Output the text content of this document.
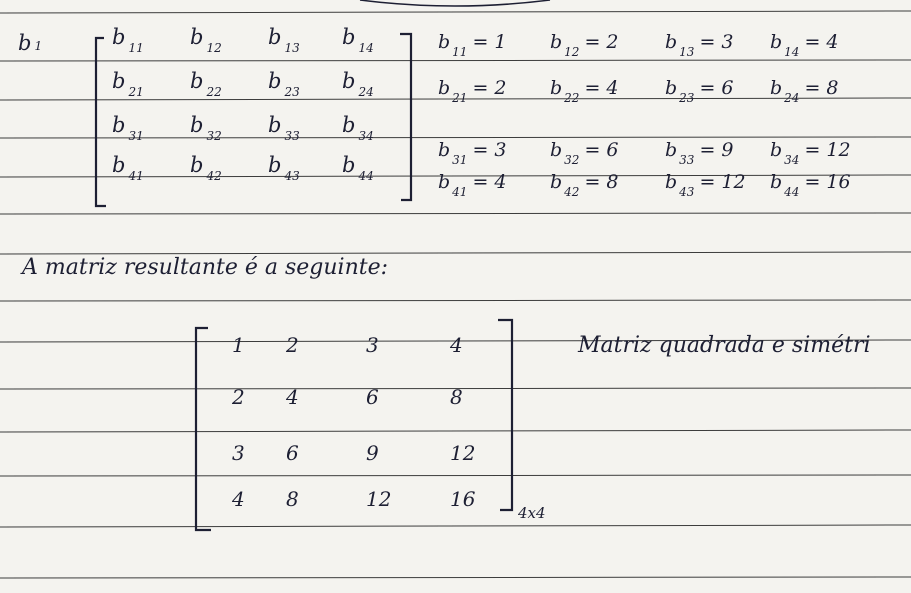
b 1	b $_{11}$ b $_{12}$ b $_{13}$ b $_{14}$
b $_{21}$ b $_{22}$ b $_{23}$ b $_{24}$
b $_{31}$ b $_{32}$ b $_{33}$ b $_{34}$
b $_{41}$ b $_{42}$ b $_{43}$ b $_{44}$
b $_{11}$ = 1 b $_{12}$ = 2 b $_{13}$ = 3 b $_{14}$ = 4
b $_{21}$ = 2 b $_{22}$ = 4 b $_{23}$ = 6 b $_{24}$ = 8
b $_{31}$ = 3 b $_{32}$ = 6 b $_{33}$ = 9 b $_{34}$ = 12
b $_{41}$ = 4 b $_{42}$ = 8 b $_{43}$ = 12 b $_{44}$ = 16
A matriz resultante é a seguinte:
1 2	3	4
2 4	6	8
3 6	9	12
4 8	12	16
4x4
Matriz quadrada e simétri
